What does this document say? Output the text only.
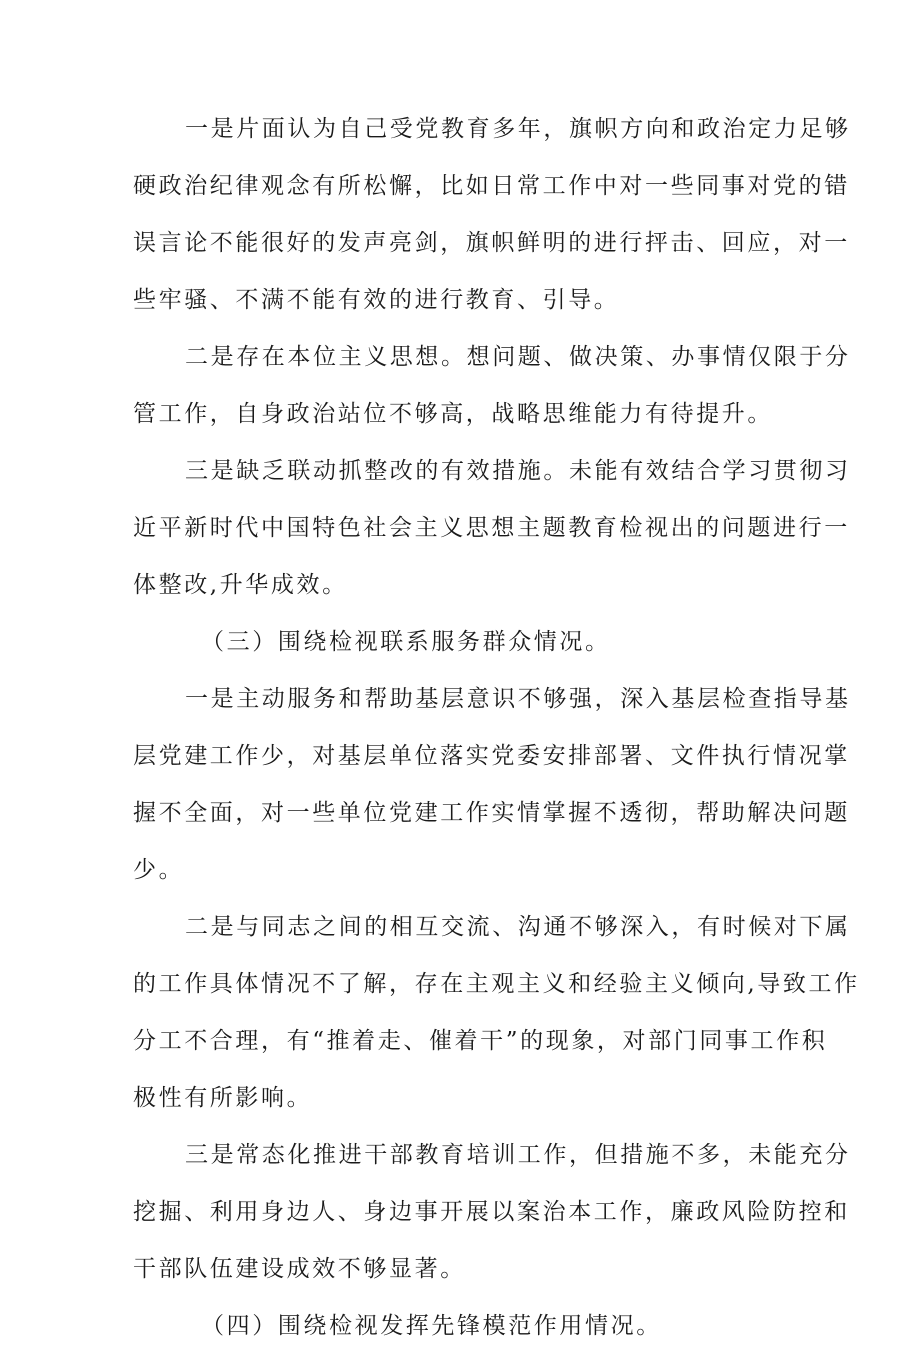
一是片面认为自己受党教育多年，旗帜方向和政治定力足够
硬政治纪律观念有所松懈，比如日常工作中对一些同事对党的错
误言论不能很好的发声亮剑，旗帜鲜明的进行抨击、回应，对一
些牢骚、不满不能有效的进行教育、引导。
二是存在本位主义思想。想问题、做决策、办事情仅限于分
管工作，自身政治站位不够高，战略思维能力有待提升。
三是缺乏联动抓整改的有效措施。未能有效结合学习贯彻习
近平新时代中国特色社会主义思想主题教育检视出的问题进行一
体整改,升华成效。
（三）围绕检视联系服务群众情况。
一是主动服务和帮助基层意识不够强，深入基层检查指导基
层党建工作少，对基层单位落实党委安排部署、文件执行情况掌
握不全面，对一些单位党建工作实情掌握不透彻，帮助解决问题
少。
二是与同志之间的相互交流、沟通不够深入，有时候对下属
的工作具体情况不了解，存在主观主义和经验主义倾向,导致工作
分工不合理，有“推着走、催着干”的现象，对部门同事工作积
极性有所影响。
三是常态化推进干部教育培训工作，但措施不多，未能充分
挖掘、利用身边人、身边事开展以案治本工作，廉政风险防控和
干部队伍建设成效不够显著。
（四）围绕检视发挥先锋模范作用情况。
